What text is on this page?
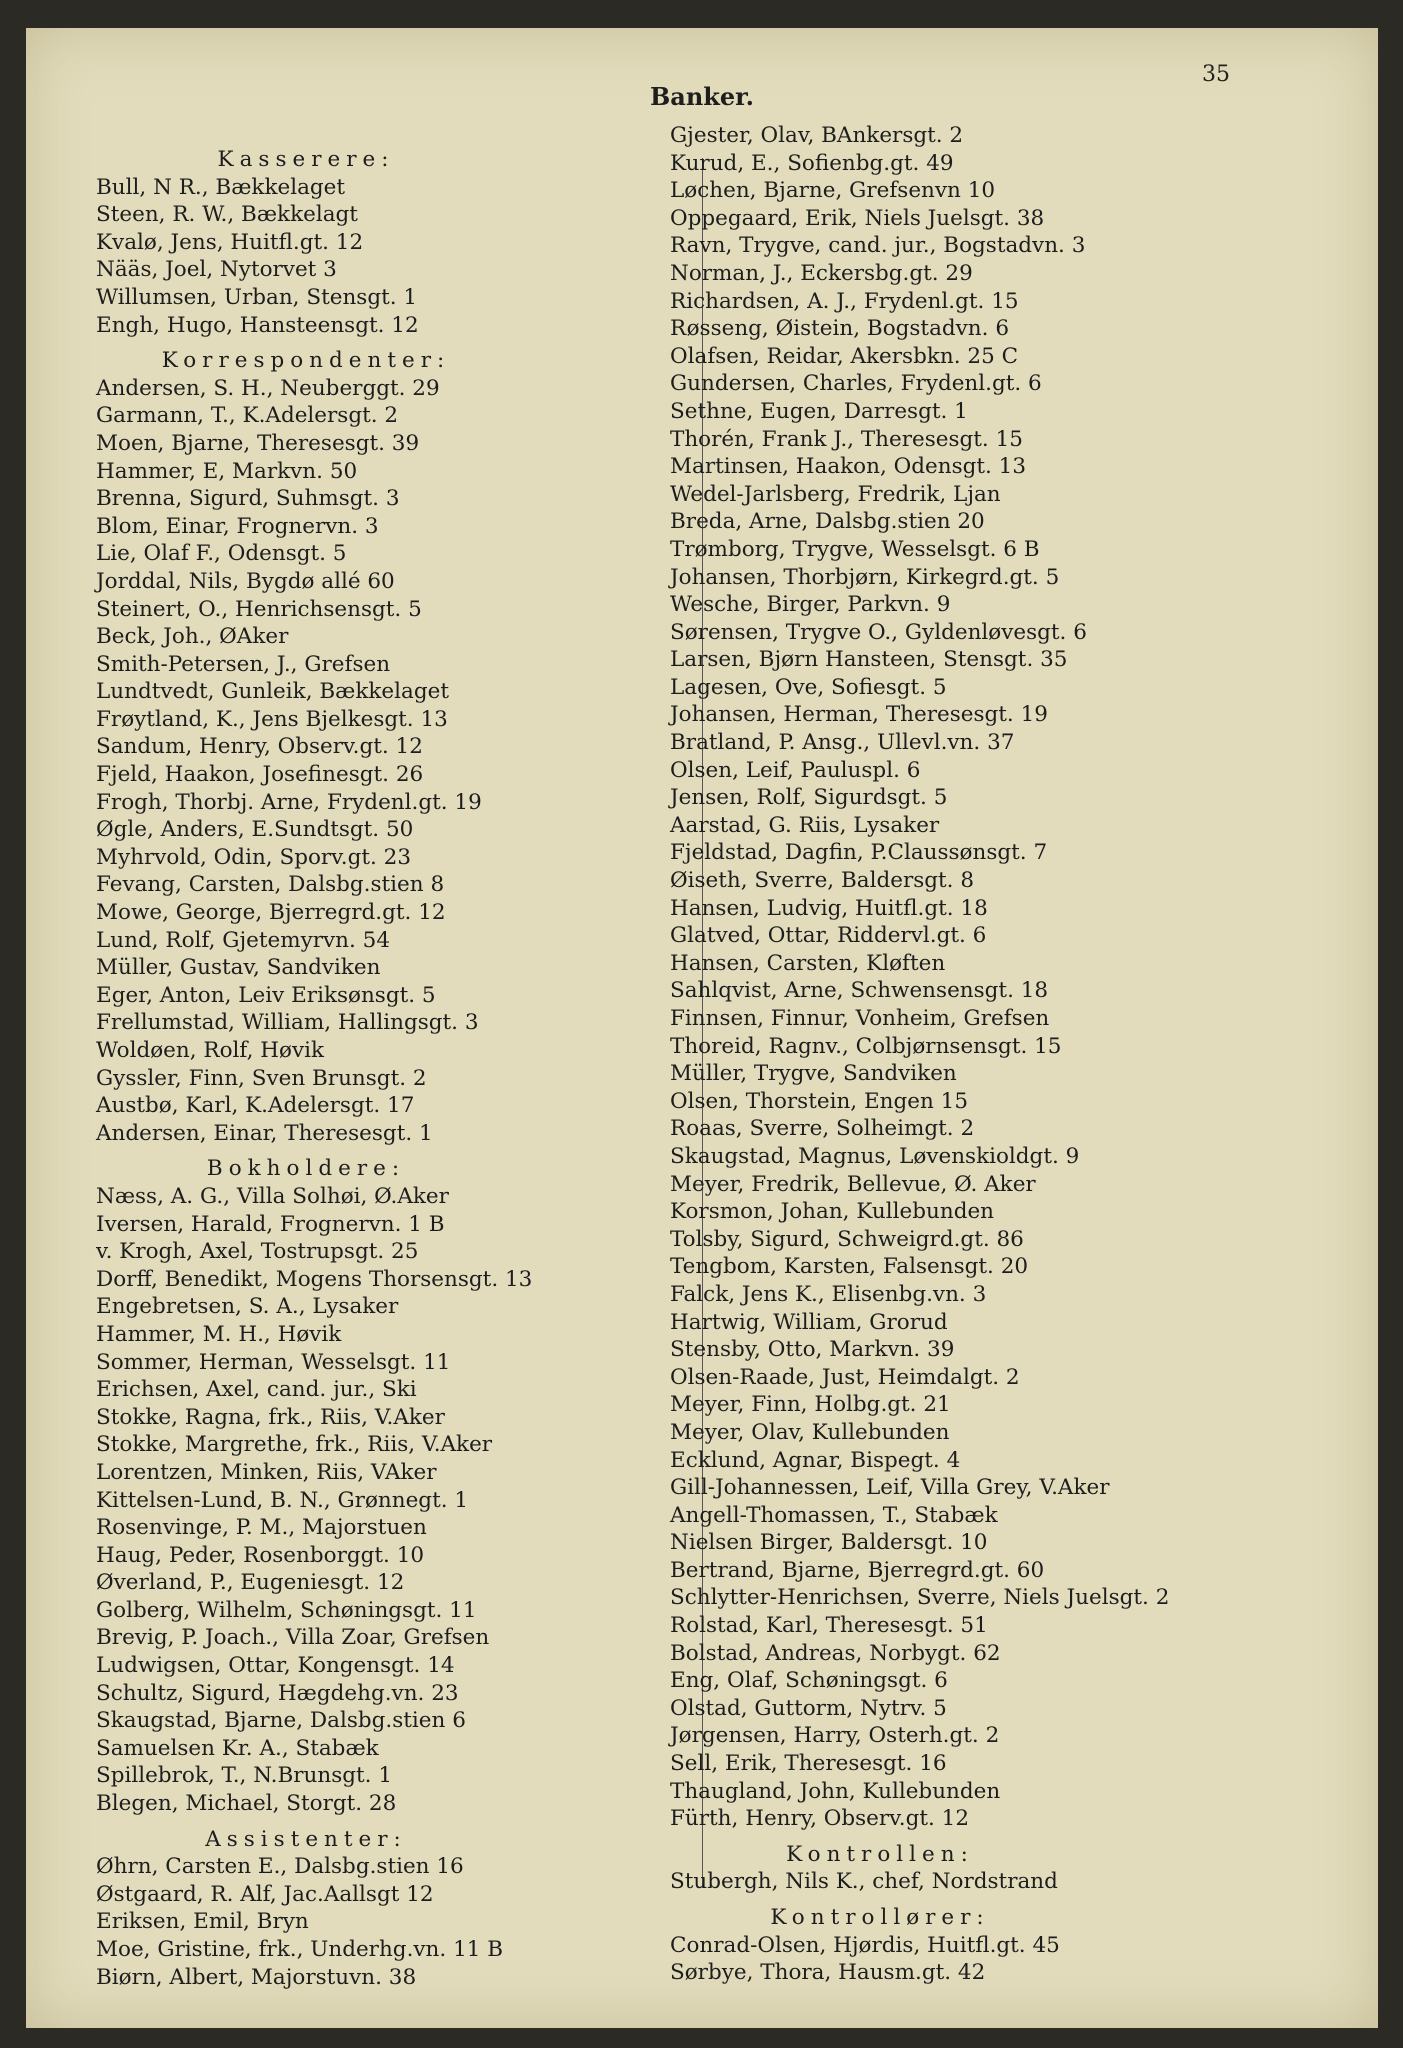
35
Banker.
Kasserere:
Bull, N R., Bækkelaget
Steen, R. W., Bækkelagt
Kvalø, Jens, Huitfl.gt. 12
Nääs, Joel, Nytorvet 3
Willumsen, Urban, Stensgt. 1
Engh, Hugo, Hansteensgt. 12
Korrespondenter:
Andersen, S. H., Neuberggt. 29
Garmann, T., K.Adelersgt. 2
Moen, Bjarne, Theresesgt. 39
Hammer, E, Markvn. 50
Brenna, Sigurd, Suhmsgt. 3
Blom, Einar, Frognervn. 3
Lie, Olaf F., Odensgt. 5
Jorddal, Nils, Bygdø allé 60
Steinert, O., Henrichsensgt. 5
Beck, Joh., ØAker
Smith-Petersen, J., Grefsen
Lundtvedt, Gunleik, Bækkelaget
Frøytland, K., Jens Bjelkesgt. 13
Sandum, Henry, Observ.gt. 12
Fjeld, Haakon, Josefinesgt. 26
Frogh, Thorbj. Arne, Frydenl.gt. 19
Øgle, Anders, E.Sundtsgt. 50
Myhrvold, Odin, Sporv.gt. 23
Fevang, Carsten, Dalsbg.stien 8
Mowe, George, Bjerregrd.gt. 12
Lund, Rolf, Gjetemyrvn. 54
Müller, Gustav, Sandviken
Eger, Anton, Leiv Eriksønsgt. 5
Frellumstad, William, Hallingsgt. 3
Woldøen, Rolf, Høvik
Gyssler, Finn, Sven Brunsgt. 2
Austbø, Karl, K.Adelersgt. 17
Andersen, Einar, Theresesgt. 1
Bokholdere:
Næss, A. G., Villa Solhøi, Ø.Aker
Iversen, Harald, Frognervn. 1 B
v. Krogh, Axel, Tostrupsgt. 25
Dorff, Benedikt, Mogens Thorsensgt. 13
Engebretsen, S. A., Lysaker
Hammer, M. H., Høvik
Sommer, Herman, Wesselsgt. 11
Erichsen, Axel, cand. jur., Ski
Stokke, Ragna, frk., Riis, V.Aker
Stokke, Margrethe, frk., Riis, V.Aker
Lorentzen, Minken, Riis, VAker
Kittelsen-Lund, B. N., Grønnegt. 1
Rosenvinge, P. M., Majorstuen
Haug, Peder, Rosenborggt. 10
Øverland, P., Eugeniesgt. 12
Golberg, Wilhelm, Schøningsgt. 11
Brevig, P. Joach., Villa Zoar, Grefsen
Ludwigsen, Ottar, Kongensgt. 14
Schultz, Sigurd, Hægdehg.vn. 23
Skaugstad, Bjarne, Dalsbg.stien 6
Samuelsen Kr. A., Stabæk
Spillebrok, T., N.Brunsgt. 1
Blegen, Michael, Storgt. 28
Assistenter:
Øhrn, Carsten E., Dalsbg.stien 16
Østgaard, R. Alf, Jac.Aallsgt 12
Eriksen, Emil, Bryn
Moe, Gristine, frk., Underhg.vn. 11 B
Biørn, Albert, Majorstuvn. 38
Gjester, Olav, BAnkersgt. 2
Kurud, E., Sofienbg.gt. 49
Løchen, Bjarne, Grefsenvn 10
Oppegaard, Erik, Niels Juelsgt. 38
Ravn, Trygve, cand. jur., Bogstadvn. 3
Norman, J., Eckersbg.gt. 29
Richardsen, A. J., Frydenl.gt. 15
Røsseng, Øistein, Bogstadvn. 6
Olafsen, Reidar, Akersbkn. 25 C
Gundersen, Charles, Frydenl.gt. 6
Sethne, Eugen, Darresgt. 1
Thorén, Frank J., Theresesgt. 15
Martinsen, Haakon, Odensgt. 13
Wedel-Jarlsberg, Fredrik, Ljan
Breda, Arne, Dalsbg.stien 20
Trømborg, Trygve, Wesselsgt. 6 B
Johansen, Thorbjørn, Kirkegrd.gt. 5
Wesche, Birger, Parkvn. 9
Sørensen, Trygve O., Gyldenløvesgt. 6
Larsen, Bjørn Hansteen, Stensgt. 35
Lagesen, Ove, Sofiesgt. 5
Johansen, Herman, Theresesgt. 19
Bratland, P. Ansg., Ullevl.vn. 37
Olsen, Leif, Pauluspl. 6
Jensen, Rolf, Sigurdsgt. 5
Aarstad, G. Riis, Lysaker
Fjeldstad, Dagfin, P.Claussønsgt. 7
Øiseth, Sverre, Baldersgt. 8
Hansen, Ludvig, Huitfl.gt. 18
Glatved, Ottar, Riddervl.gt. 6
Hansen, Carsten, Kløften
Sahlqvist, Arne, Schwensensgt. 18
Finnsen, Finnur, Vonheim, Grefsen
Thoreid, Ragnv., Colbjørnsensgt. 15
Müller, Trygve, Sandviken
Olsen, Thorstein, Engen 15
Roaas, Sverre, Solheimgt. 2
Skaugstad, Magnus, Løvenskioldgt. 9
Meyer, Fredrik, Bellevue, Ø. Aker
Korsmon, Johan, Kullebunden
Tolsby, Sigurd, Schweigrd.gt. 86
Tengbom, Karsten, Falsensgt. 20
Falck, Jens K., Elisenbg.vn. 3
Hartwig, William, Grorud
Stensby, Otto, Markvn. 39
Olsen-Raade, Just, Heimdalgt. 2
Meyer, Finn, Holbg.gt. 21
Meyer, Olav, Kullebunden
Ecklund, Agnar, Bispegt. 4
Gill-Johannessen, Leif, Villa Grey, V.Aker
Angell-Thomassen, T., Stabæk
Nielsen Birger, Baldersgt. 10
Bertrand, Bjarne, Bjerregrd.gt. 60
Schlytter-Henrichsen, Sverre, Niels Juelsgt. 2
Rolstad, Karl, Theresesgt. 51
Bolstad, Andreas, Norbygt. 62
Eng, Olaf, Schøningsgt. 6
Olstad, Guttorm, Nytrv. 5
Jørgensen, Harry, Osterh.gt. 2
Sell, Erik, Theresesgt. 16
Thaugland, John, Kullebunden
Fürth, Henry, Observ.gt. 12
Kontrollen:
Stubergh, Nils K., chef, Nordstrand
Kontrollører:
Conrad-Olsen, Hjørdis, Huitfl.gt. 45
Sørbye, Thora, Hausm.gt. 42
